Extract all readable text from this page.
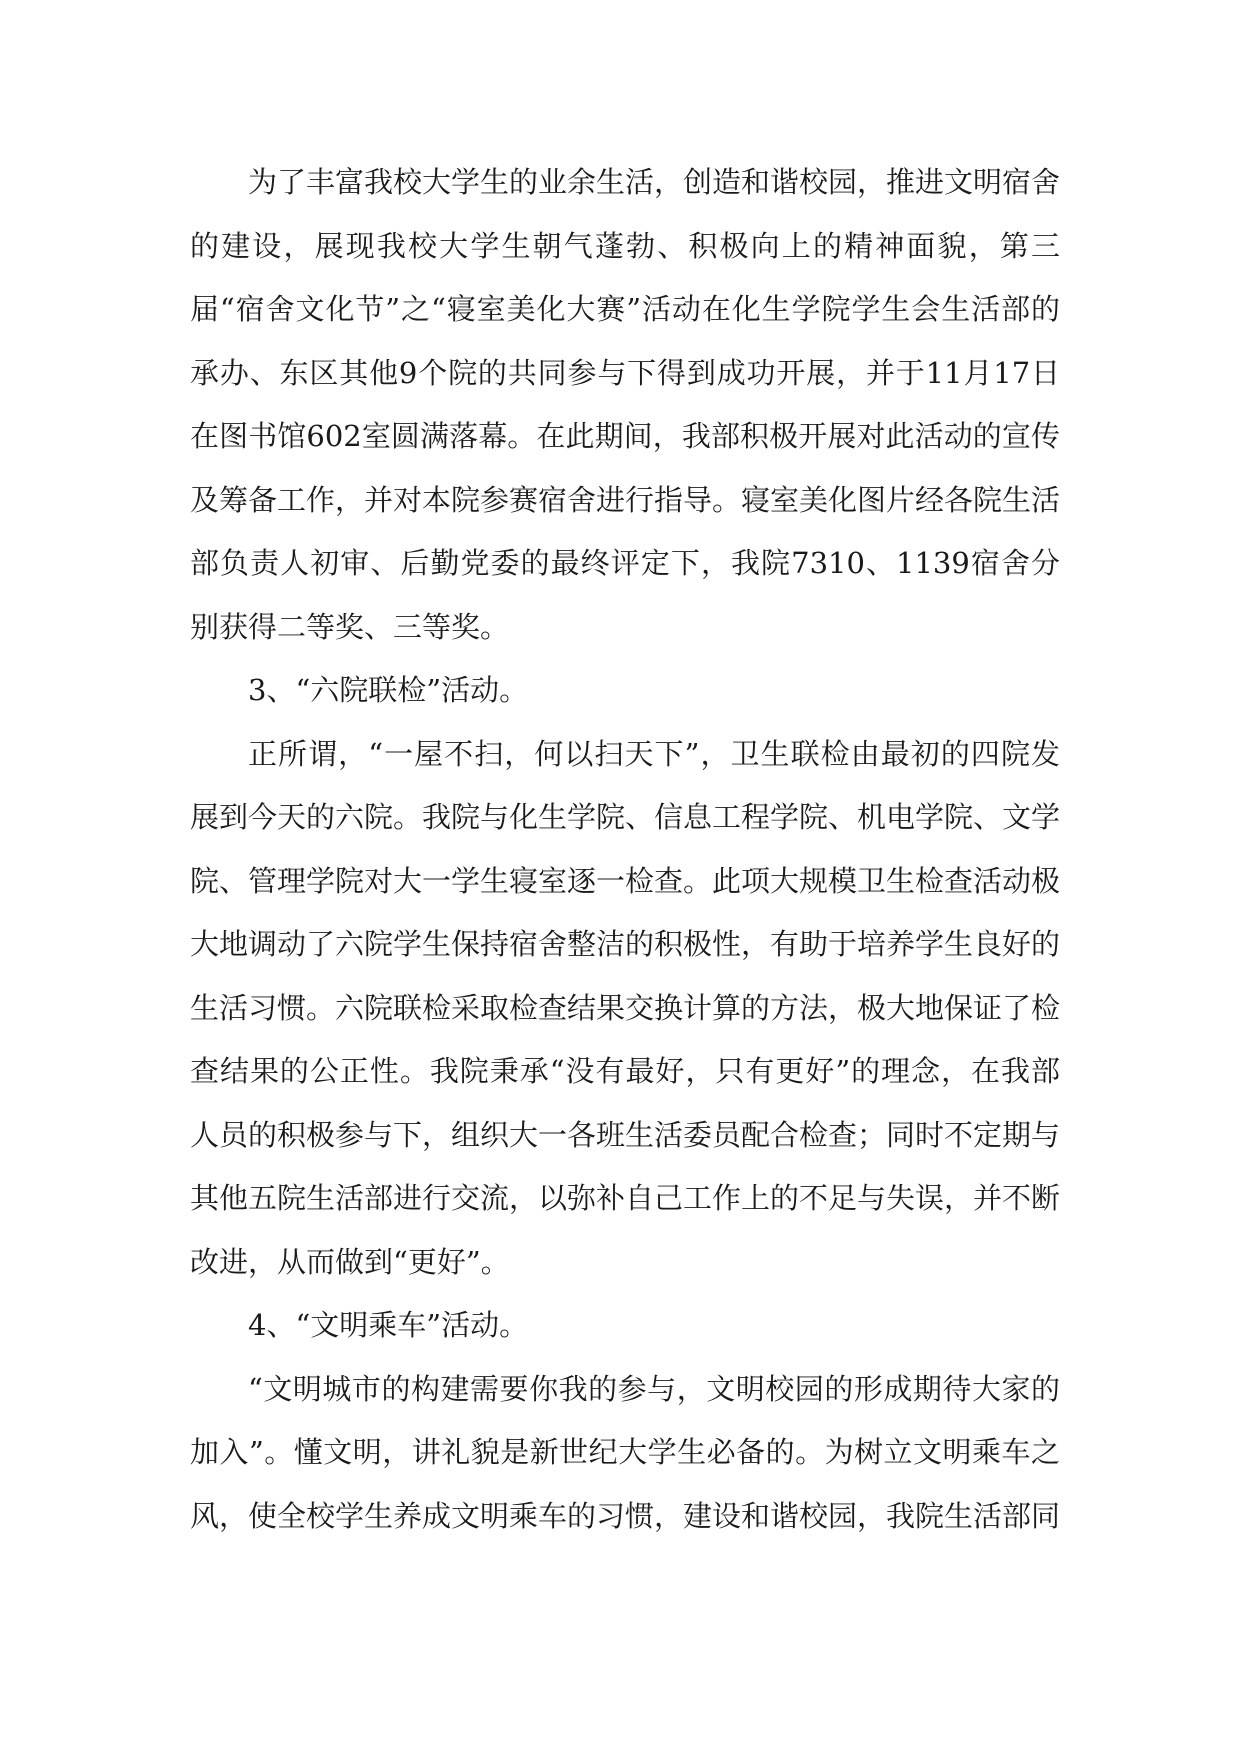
为了丰富我校大学生的业余生活，创造和谐校园，推进文明宿舍的建设，展现我校大学生朝气蓬勃、积极向上的精神面貌，第三届“宿舍文化节”之“寝室美化大赛”活动在化生学院学生会生活部的承办、东区其他9个院的共同参与下得到成功开展，并于11月17日在图书馆602室圆满落幕。在此期间，我部积极开展对此活动的宣传及筹备工作，并对本院参赛宿舍进行指导。寝室美化图片经各院生活部负责人初审、后勤党委的最终评定下，我院7310、1139宿舍分别获得二等奖、三等奖。

3、“六院联检”活动。

正所谓，“一屋不扫，何以扫天下”，卫生联检由最初的四院发展到今天的六院。我院与化生学院、信息工程学院、机电学院、文学院、管理学院对大一学生寝室逐一检查。此项大规模卫生检查活动极大地调动了六院学生保持宿舍整洁的积极性，有助于培养学生良好的生活习惯。六院联检采取检查结果交换计算的方法，极大地保证了检查结果的公正性。我院秉承“没有最好，只有更好”的理念，在我部人员的积极参与下，组织大一各班生活委员配合检查；同时不定期与其他五院生活部进行交流，以弥补自己工作上的不足与失误，并不断改进，从而做到“更好”。

4、“文明乘车”活动。

“文明城市的构建需要你我的参与，文明校园的形成期待大家的加入”。懂文明，讲礼貌是新世纪大学生必备的。为树立文明乘车之风，使全校学生养成文明乘车的习惯，建设和谐校园，我院生活部同
